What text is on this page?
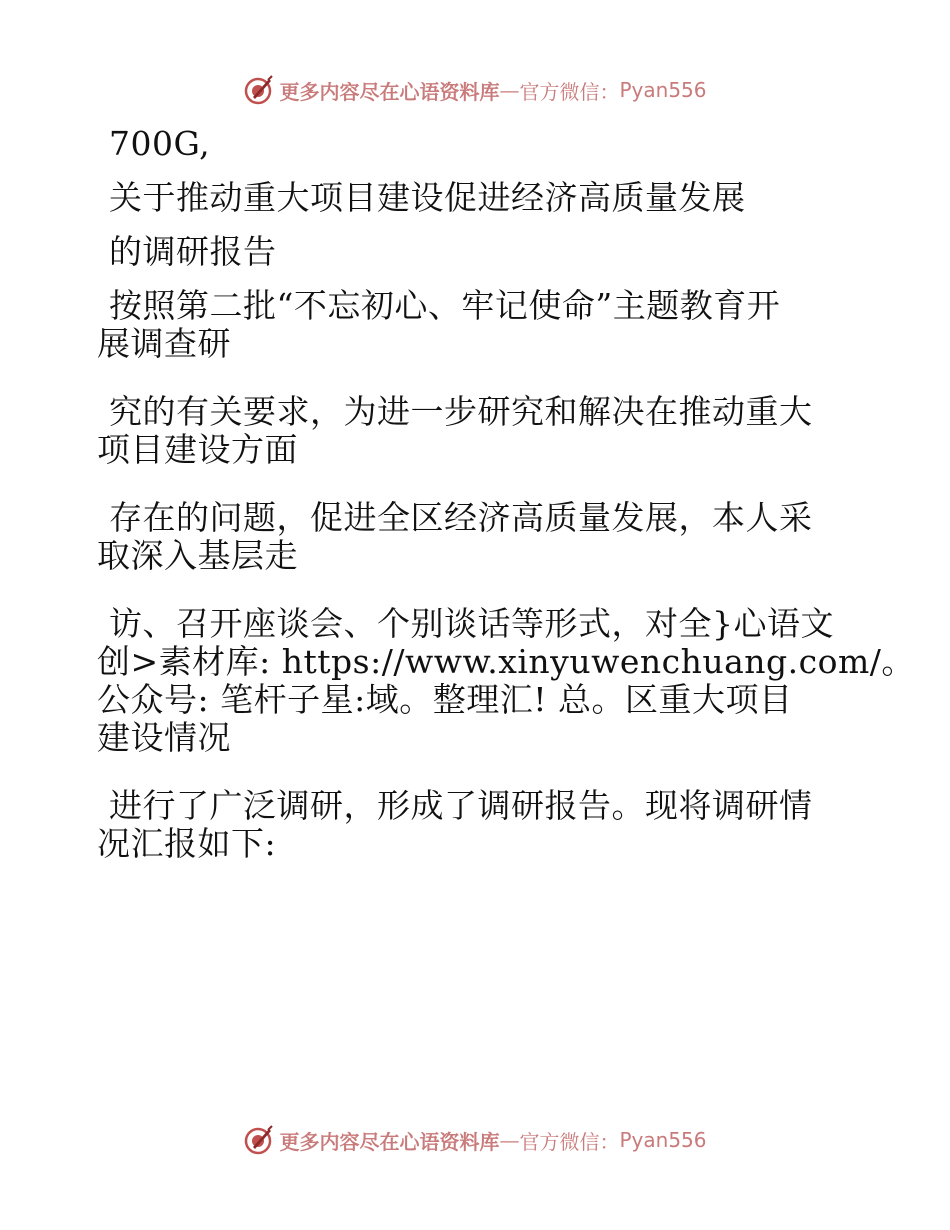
更多内容尽在心语资料库 — 官方微信： Pyan556
700G,
关于推动重大项目建设促进经济高质量发展
的调研报告
按照第二批“不忘初心、牢记使命”主题教育开
展调查研
究的有关要求，为进一步研究和解决在推动重大
项目建设方面
存在的问题，促进全区经济高质量发展，本人采
取深入基层走
访、召开座谈会、个别谈话等形式，对全}心语文
创>素材库: https://www.xinyuwenchuang.com/。
公众号: 笔杆子星:域。整理汇! 总。区重大项目
建设情况
进行了广泛调研，形成了调研报告。现将调研情
况汇报如下:
更多内容尽在心语资料库 — 官方微信： Pyan556
